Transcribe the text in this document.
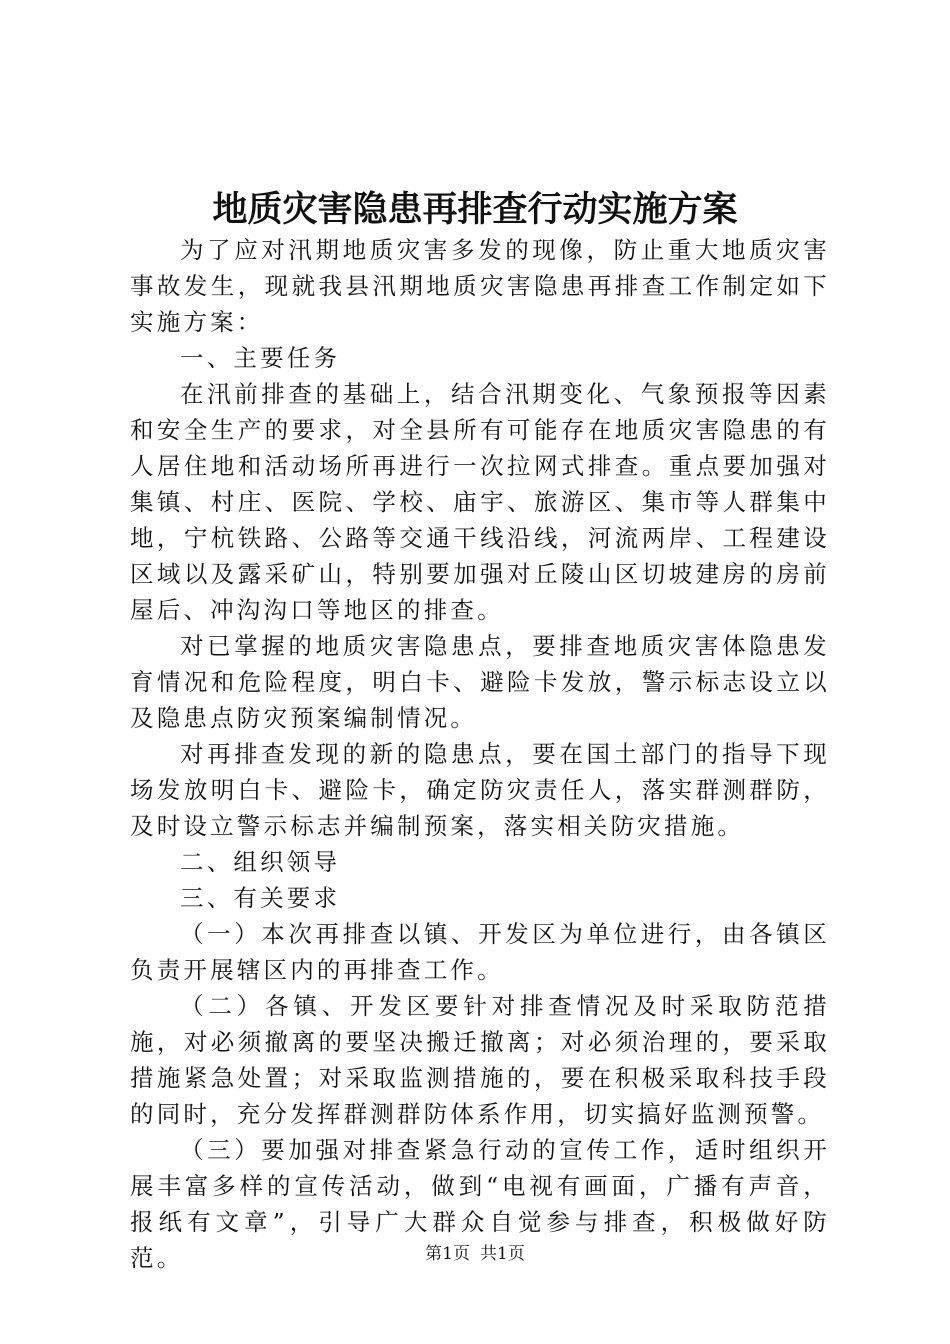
地质灾害隐患再排查行动实施方案

为了应对汛期地质灾害多发的现像，防止重大地质灾害事故发生，现就我县汛期地质灾害隐患再排查工作制定如下实施方案：

一、主要任务

在汛前排查的基础上，结合汛期变化、气象预报等因素和安全生产的要求，对全县所有可能存在地质灾害隐患的有人居住地和活动场所再进行一次拉网式排查。重点要加强对集镇、村庄、医院、学校、庙宇、旅游区、集市等人群集中地，宁杭铁路、公路等交通干线沿线，河流两岸、工程建设区域以及露采矿山，特别要加强对丘陵山区切坡建房的房前屋后、冲沟沟口等地区的排查。

对已掌握的地质灾害隐患点，要排查地质灾害体隐患发育情况和危险程度，明白卡、避险卡发放，警示标志设立以及隐患点防灾预案编制情况。

对再排查发现的新的隐患点，要在国土部门的指导下现场发放明白卡、避险卡，确定防灾责任人，落实群测群防，及时设立警示标志并编制预案，落实相关防灾措施。

二、组织领导

三、有关要求

（一）本次再排查以镇、开发区为单位进行，由各镇区负责开展辖区内的再排查工作。

（二）各镇、开发区要针对排查情况及时采取防范措施，对必须撤离的要坚决搬迁撤离；对必须治理的，要采取措施紧急处置；对采取监测措施的，要在积极采取科技手段的同时，充分发挥群测群防体系作用，切实搞好监测预警。

（三）要加强对排查紧急行动的宣传工作，适时组织开展丰富多样的宣传活动，做到“电视有画面，广播有声音，报纸有文章”，引导广大群众自觉参与排查，积极做好防范。	第1页 共1页
